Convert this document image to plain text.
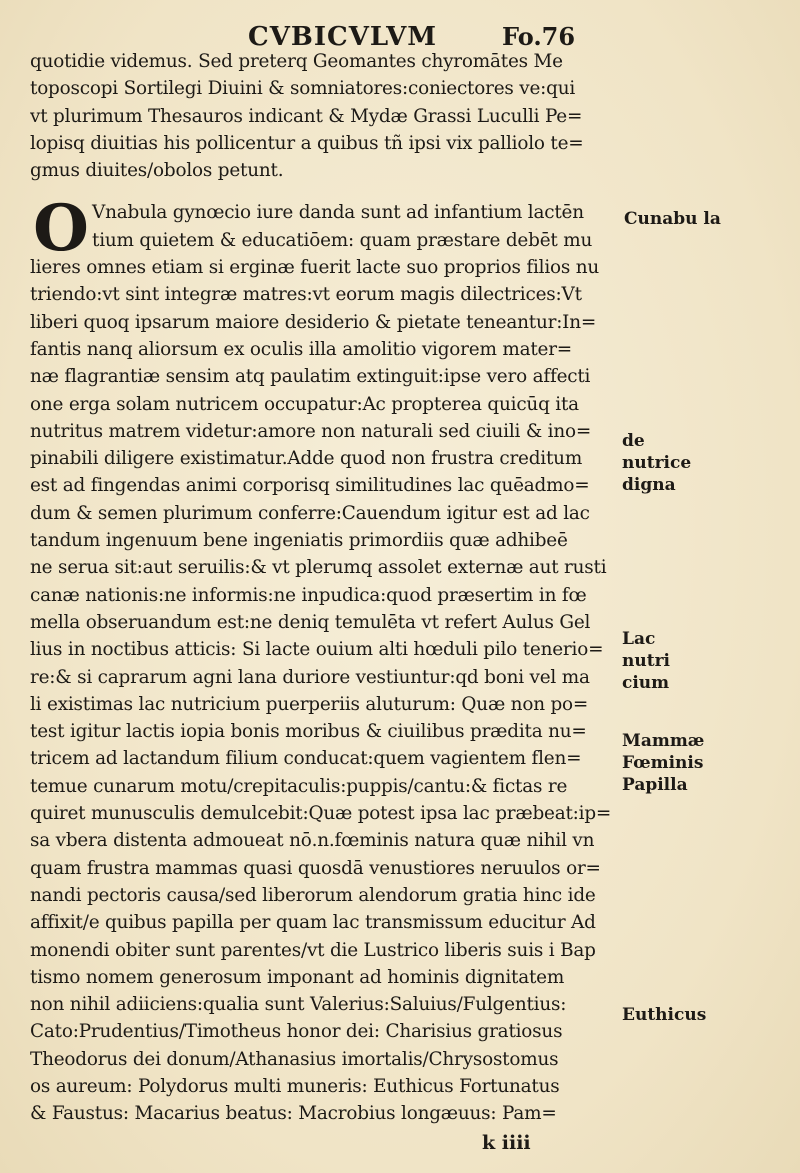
CVBICVLVM	Fo.76
quotidie videmus. Sed preterq Geomantes chyromātes Me
toposcopi Sortilegi Diuini & somniatores:coniectores ve:qui
vt plurimum Thesauros indicant & Mydæ Grassi Luculli Pe=
lopisq diuitias his pollicentur a quibus tñ ipsi vix palliolo te=
gmus diuites/obolos petunt.
O Vnabula gynœcio iure danda sunt ad infantium lactēn
tium quietem & educatiōem: quam præstare debēt mu
lieres omnes etiam si erginæ fuerit lacte suo proprios filios nu
triendo:vt sint integræ matres:vt eorum magis dilectrices:Vt
liberi quoq ipsarum maiore desiderio & pietate teneantur:In=
fantis nanq aliorsum ex oculis illa amolitio vigorem mater=
næ flagrantiæ sensim atq paulatim extinguit:ipse vero affecti
one erga solam nutricem occupatur:Ac propterea quicūq ita
nutritus matrem videtur:amore non naturali sed ciuili & ino=
pinabili diligere existimatur.Adde quod non frustra creditum
est ad fingendas animi corporisq similitudines lac quēadmo=
dum & semen plurimum conferre:Cauendum igitur est ad lac
tandum ingenuum bene ingeniatis primordiis quæ adhibeē
ne serua sit:aut seruilis:& vt plerumq assolet externæ aut rusti
canæ nationis:ne informis:ne inpudica:quod præsertim in fœ
mella obseruandum est:ne deniq temulēta vt refert Aulus Gel
lius in noctibus atticis: Si lacte ouium alti hœduli pilo tenerio=
re:& si caprarum agni lana duriore vestiuntur:qd boni vel ma
li existimas lac nutricium puerperiis aluturum: Quæ non po=
test igitur lactis iopia bonis moribus & ciuilibus prædita nu=
tricem ad lactandum filium conducat:quem vagientem flen=
temue cunarum motu/crepitaculis:puppis/cantu:& fictas re
quiret munusculis demulcebit:Quæ potest ipsa lac præbeat:ip=
sa vbera distenta admoueat nō.n.fœminis natura quæ nihil vn
quam frustra mammas quasi quosdā venustiores neruulos or=
nandi pectoris causa/sed liberorum alendorum gratia hinc ide
affixit/e quibus papilla per quam lac transmissum educitur Ad
monendi obiter sunt parentes/vt die Lustrico liberis suis i Bap
tismo nomem generosum imponant ad hominis dignitatem
non nihil adiiciens:qualia sunt Valerius:Saluius/Fulgentius:
Cato:Prudentius/Timotheus honor dei: Charisius gratiosus
Theodorus dei donum/Athanasius imortalis/Chrysostomus
os aureum: Polydorus multi muneris: Euthicus Fortunatus
& Faustus: Macarius beatus: Macrobius longæuus: Pam=
Cunabu la
de nutrice digna
Lac nutri cium
Mammæ Fœminis Papilla
Euthicus
k iiii
